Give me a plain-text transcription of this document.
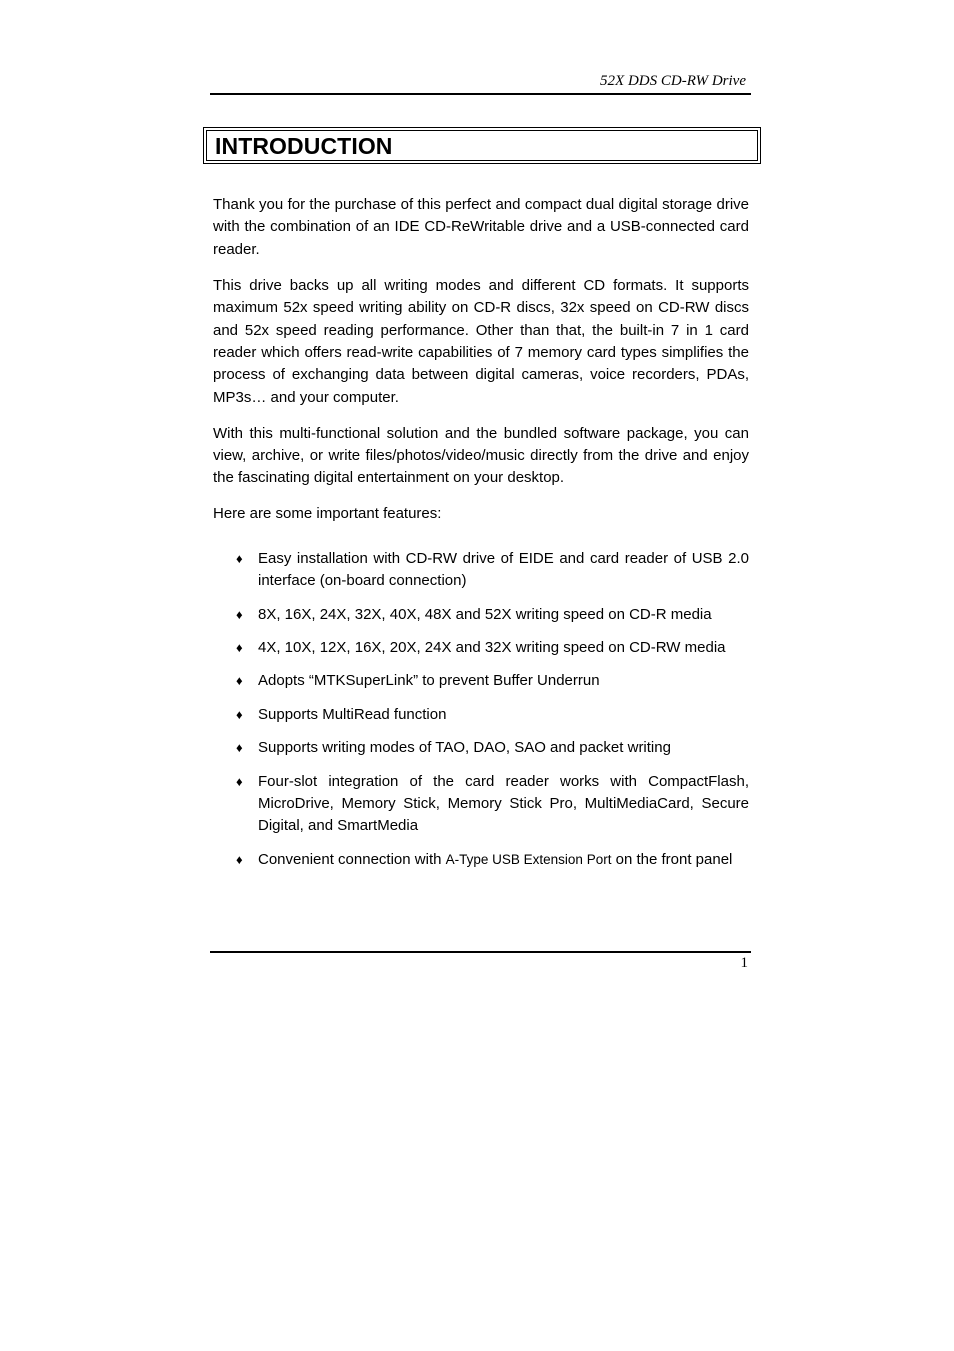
52X DDS CD-RW Drive
INTRODUCTION

Thank you for the purchase of this perfect and compact dual digital storage drive with the combination of an IDE CD-ReWritable drive and a USB-connected card reader.

This drive backs up all writing modes and different CD formats. It supports maximum 52x speed writing ability on CD-R discs, 32x speed on CD-RW discs and 52x speed reading performance. Other than that, the built-in 7 in 1 card reader which offers read-write capabilities of 7 memory card types simplifies the process of exchanging data between digital cameras, voice recorders, PDAs, MP3s… and your computer.

With this multi-functional solution and the bundled software package, you can view, archive, or write files/photos/video/music directly from the drive and enjoy the fascinating digital entertainment on your desktop.

Here are some important features:

♦ Easy installation with CD-RW drive of EIDE and card reader of USB 2.0 interface (on-board connection)
♦ 8X, 16X, 24X, 32X, 40X, 48X and 52X writing speed on CD-R media
♦ 4X, 10X, 12X, 16X, 20X, 24X and 32X writing speed on CD-RW media
♦ Adopts “MTKSuperLink” to prevent Buffer Underrun
♦ Supports MultiRead function
♦ Supports writing modes of TAO, DAO, SAO and packet writing
♦ Four-slot integration of the card reader works with CompactFlash, MicroDrive, Memory Stick, Memory Stick Pro, MultiMediaCard, Secure Digital, and SmartMedia
♦ Convenient connection with A-Type USB Extension Port on the front panel
1
